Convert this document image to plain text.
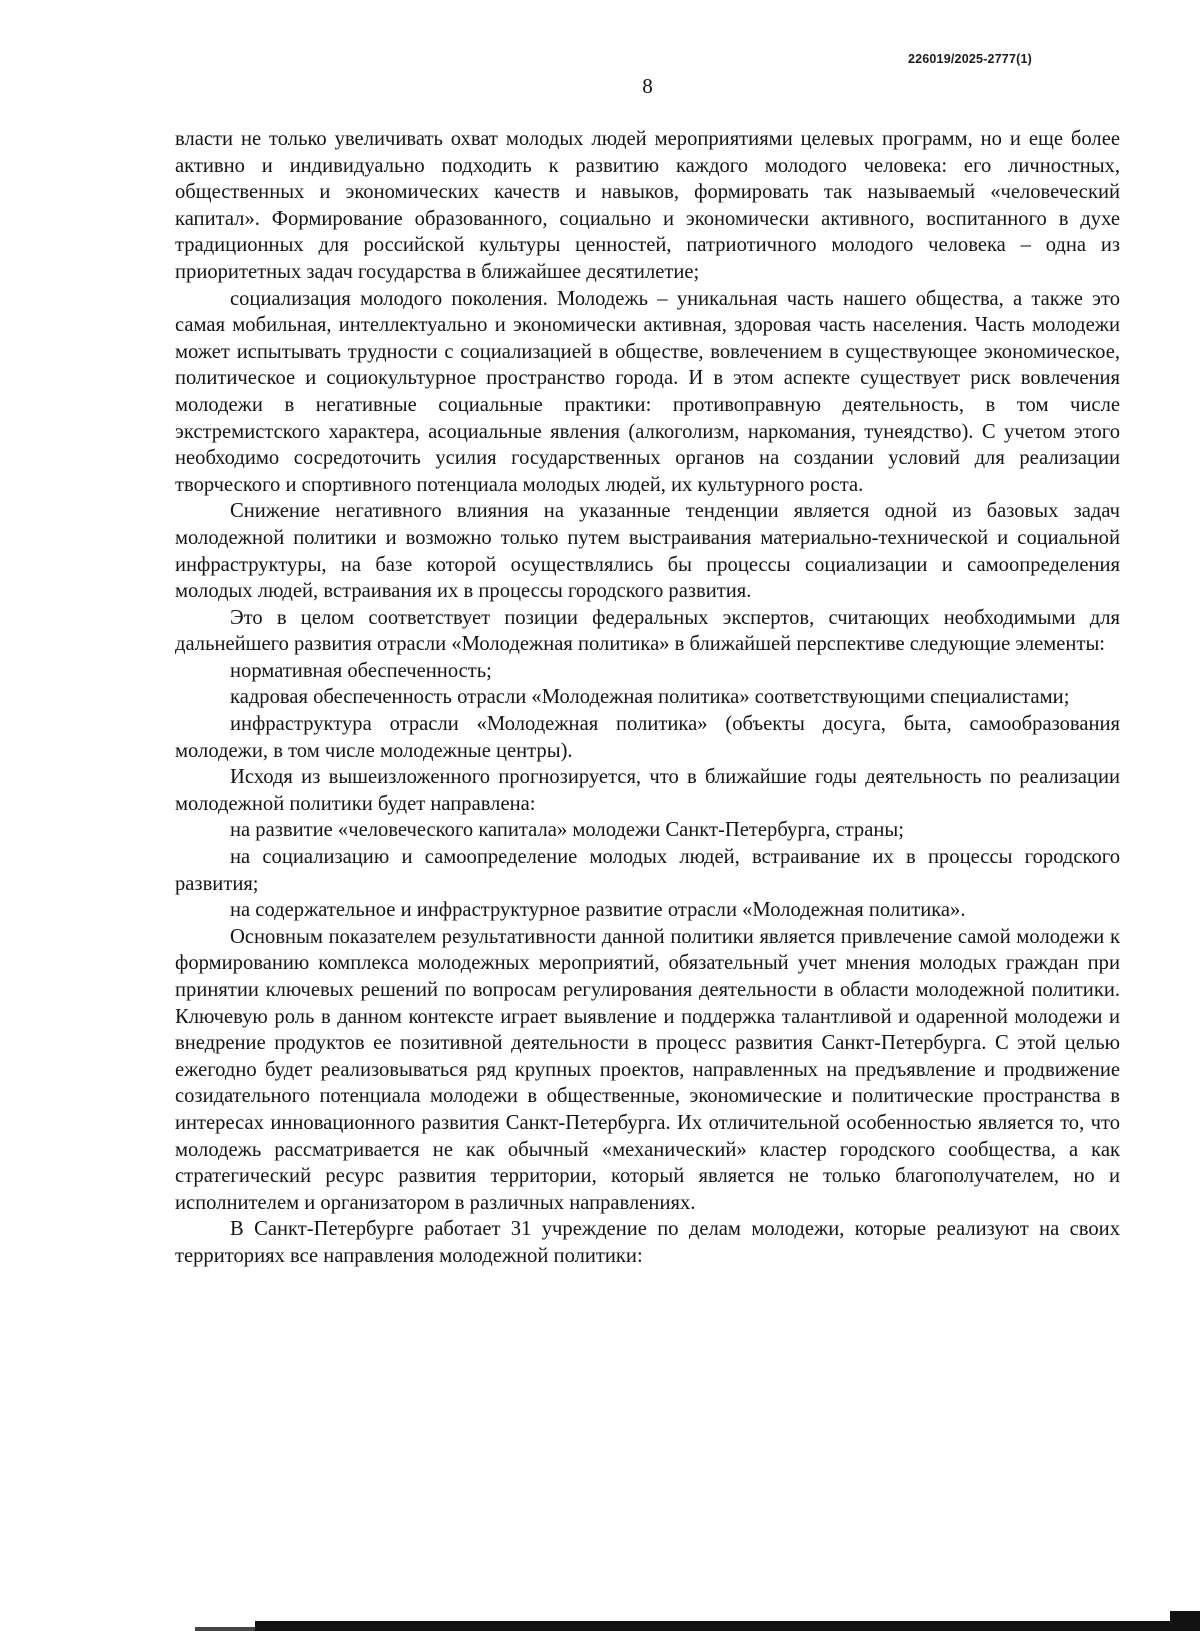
226019/2025-2777(1)
8

власти не только увеличивать охват молодых людей мероприятиями целевых программ, но и еще более активно и индивидуально подходить к развитию каждого молодого человека: его личностных, общественных и экономических качеств и навыков, формировать так называемый «человеческий капитал». Формирование образованного, социально и экономически активного, воспитанного в духе традиционных для российской культуры ценностей, патриотичного молодого человека – одна из приоритетных задач государства в ближайшее десятилетие;

социализация молодого поколения. Молодежь – уникальная часть нашего общества, а также это самая мобильная, интеллектуально и экономически активная, здоровая часть населения. Часть молодежи может испытывать трудности с социализацией в обществе, вовлечением в существующее экономическое, политическое и социокультурное пространство города. И в этом аспекте существует риск вовлечения молодежи в негативные социальные практики: противоправную деятельность, в том числе экстремистского характера, асоциальные явления (алкоголизм, наркомания, тунеядство). С учетом этого необходимо сосредоточить усилия государственных органов на создании условий для реализации творческого и спортивного потенциала молодых людей, их культурного роста.

Снижение негативного влияния на указанные тенденции является одной из базовых задач молодежной политики и возможно только путем выстраивания материально-технической и социальной инфраструктуры, на базе которой осуществлялись бы процессы социализации и самоопределения молодых людей, встраивания их в процессы городского развития.

Это в целом соответствует позиции федеральных экспертов, считающих необходимыми для дальнейшего развития отрасли «Молодежная политика» в ближайшей перспективе следующие элементы:

нормативная обеспеченность;

кадровая обеспеченность отрасли «Молодежная политика» соответствующими специалистами;

инфраструктура отрасли «Молодежная политика» (объекты досуга, быта, самообразования молодежи, в том числе молодежные центры).

Исходя из вышеизложенного прогнозируется, что в ближайшие годы деятельность по реализации молодежной политики будет направлена:

на развитие «человеческого капитала» молодежи Санкт-Петербурга, страны;

на социализацию и самоопределение молодых людей, встраивание их в процессы городского развития;

на содержательное и инфраструктурное развитие отрасли «Молодежная политика».

Основным показателем результативности данной политики является привлечение самой молодежи к формированию комплекса молодежных мероприятий, обязательный учет мнения молодых граждан при принятии ключевых решений по вопросам регулирования деятельности в области молодежной политики. Ключевую роль в данном контексте играет выявление и поддержка талантливой и одаренной молодежи и внедрение продуктов ее позитивной деятельности в процесс развития Санкт-Петербурга. С этой целью ежегодно будет реализовываться ряд крупных проектов, направленных на предъявление и продвижение созидательного потенциала молодежи в общественные, экономические и политические пространства в интересах инновационного развития Санкт-Петербурга. Их отличительной особенностью является то, что молодежь рассматривается не как обычный «механический» кластер городского сообщества, а как стратегический ресурс развития территории, который является не только благополучателем, но и исполнителем и организатором в различных направлениях.

В Санкт-Петербурге работает 31 учреждение по делам молодежи, которые реализуют на своих территориях все направления молодежной политики:
